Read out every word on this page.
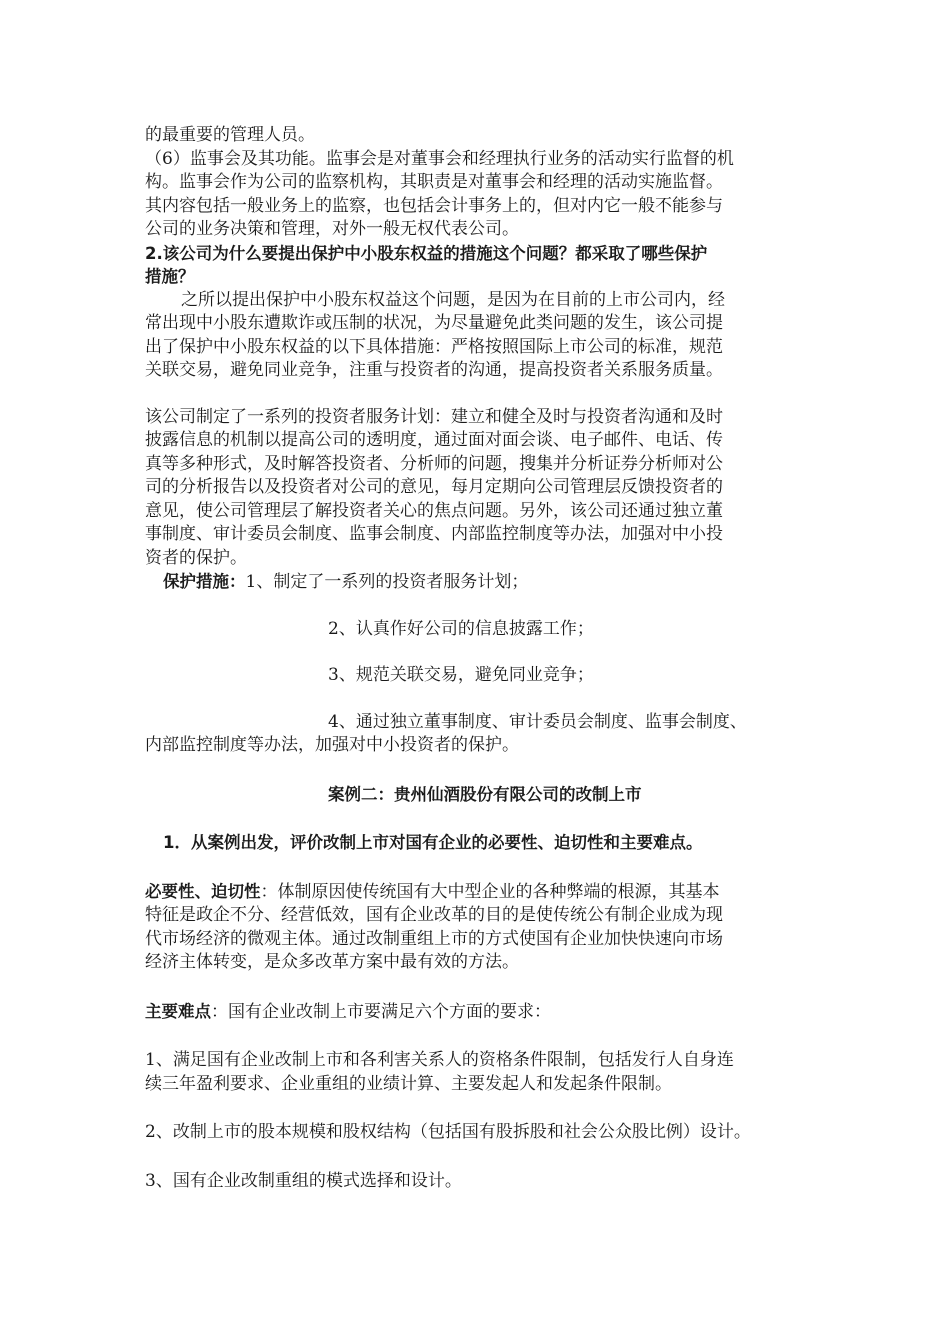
的最重要的管理人员。
（6）监事会及其功能。监事会是对董事会和经理执行业务的活动实行监督的机
构。监事会作为公司的监察机构，其职责是对董事会和经理的活动实施监督。
其内容包括一般业务上的监察，也包括会计事务上的，但对内它一般不能参与
公司的业务决策和管理，对外一般无权代表公司。
2.该公司为什么要提出保护中小股东权益的措施这个问题？都采取了哪些保护
措施？
之所以提出保护中小股东权益这个问题，是因为在目前的上市公司内，经
常出现中小股东遭欺诈或压制的状况，为尽量避免此类问题的发生，该公司提
出了保护中小股东权益的以下具体措施：严格按照国际上市公司的标准，规范
关联交易，避免同业竞争，注重与投资者的沟通，提高投资者关系服务质量。
该公司制定了一系列的投资者服务计划：建立和健全及时与投资者沟通和及时
披露信息的机制以提高公司的透明度，通过面对面会谈、电子邮件、电话、传
真等多种形式，及时解答投资者、分析师的问题，搜集并分析证券分析师对公
司的分析报告以及投资者对公司的意见，每月定期向公司管理层反馈投资者的
意见，使公司管理层了解投资者关心的焦点问题。另外，该公司还通过独立董
事制度、审计委员会制度、监事会制度、内部监控制度等办法，加强对中小投
资者的保护。
保护措施：1、制定了一系列的投资者服务计划；
2、认真作好公司的信息披露工作；
3、规范关联交易，避免同业竞争；
4、通过独立董事制度、审计委员会制度、监事会制度、
内部监控制度等办法，加强对中小投资者的保护。
案例二：贵州仙酒股份有限公司的改制上市
1．从案例出发，评价改制上市对国有企业的必要性、迫切性和主要难点。
必要性、迫切性：体制原因使传统国有大中型企业的各种弊端的根源，其基本
特征是政企不分、经营低效，国有企业改革的目的是使传统公有制企业成为现
代市场经济的微观主体。通过改制重组上市的方式使国有企业加快快速向市场
经济主体转变，是众多改革方案中最有效的方法。
主要难点：国有企业改制上市要满足六个方面的要求：
1、满足国有企业改制上市和各利害关系人的资格条件限制，包括发行人自身连
续三年盈利要求、企业重组的业绩计算、主要发起人和发起条件限制。
2、改制上市的股本规模和股权结构（包括国有股拆股和社会公众股比例）设计。
3、国有企业改制重组的模式选择和设计。
